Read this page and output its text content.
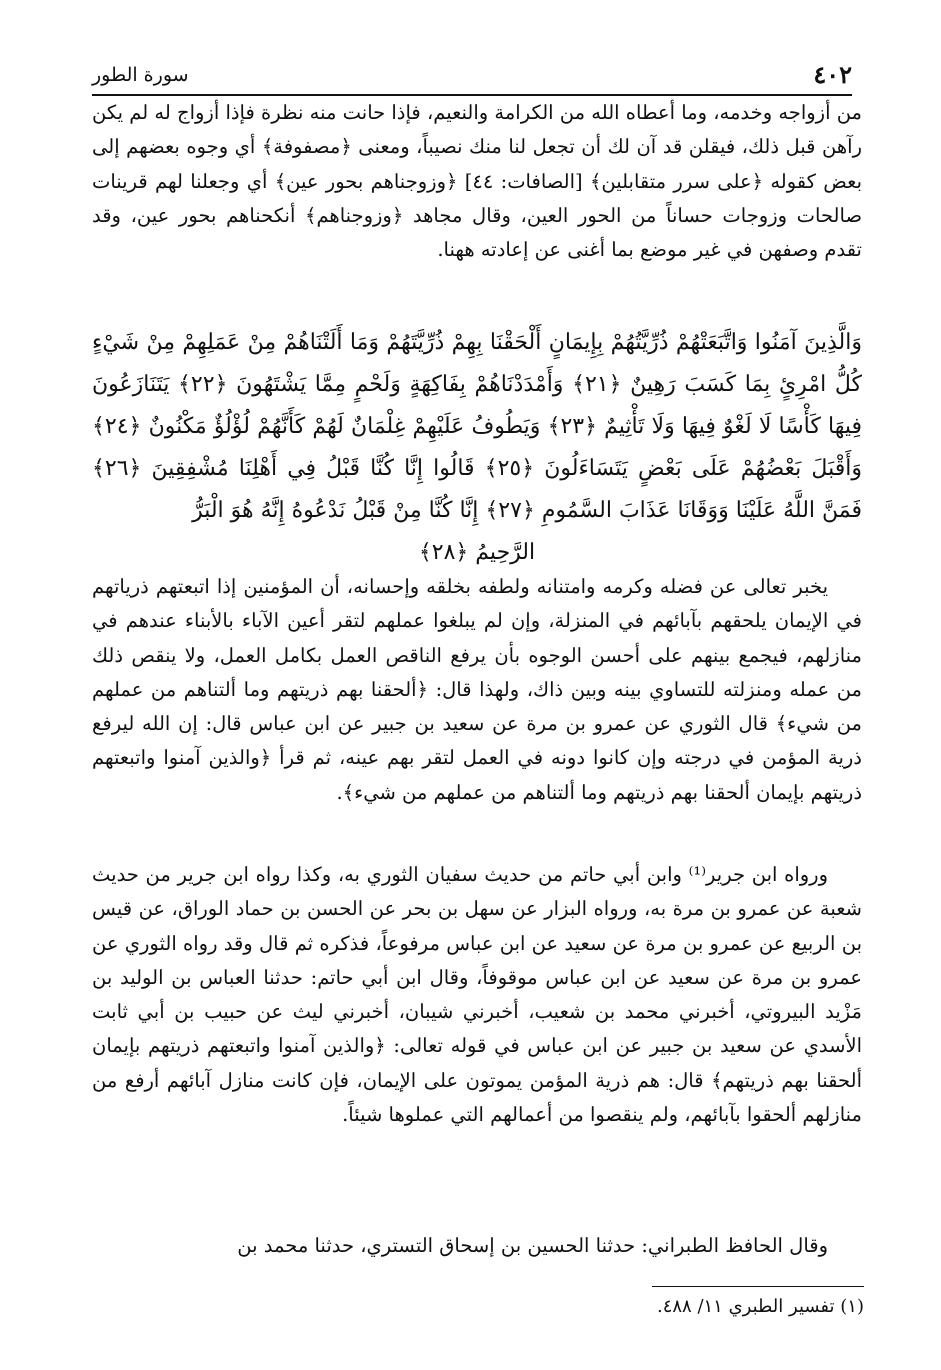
سورة الطور	٤٠٢

من أزواجه وخدمه، وما أعطاه الله من الكرامة والنعيم، فإذا حانت منه نظرة فإذا أزواج له لم يكن رآهن قبل ذلك، فيقلن قد آن لك أن تجعل لنا منك نصيباً، ومعنى ﴿مصفوفة﴾ أي وجوه بعضهم إلى بعض كقوله ﴿على سرر متقابلين﴾ [الصافات: ٤٤] ﴿وزوجناهم بحور عين﴾ أي وجعلنا لهم قرينات صالحات وزوجات حساناً من الحور العين، وقال مجاهد ﴿وزوجناهم﴾ أنكحناهم بحور عين، وقد تقدم وصفهن في غير موضع بما أغنى عن إعادته ههنا.

وَالَّذِينَ آمَنُوا وَاتَّبَعَتْهُمْ ذُرِّيَّتُهُمْ بِإِيمَانٍ أَلْحَقْنَا بِهِمْ ذُرِّيَّتَهُمْ وَمَا أَلَتْنَاهُمْ مِنْ عَمَلِهِمْ مِنْ شَيْءٍ كُلُّ امْرِئٍ بِمَا كَسَبَ رَهِينٌ ﴿٢١﴾ وَأَمْدَدْنَاهُمْ بِفَاكِهَةٍ وَلَحْمٍ مِمَّا يَشْتَهُونَ ﴿٢٢﴾ يَتَنَازَعُونَ فِيهَا كَأْسًا لَا لَغْوٌ فِيهَا وَلَا تَأْثِيمٌ ﴿٢٣﴾ وَيَطُوفُ عَلَيْهِمْ غِلْمَانٌ لَهُمْ كَأَنَّهُمْ لُؤْلُؤٌ مَكْنُونٌ ﴿٢٤﴾ وَأَقْبَلَ بَعْضُهُمْ عَلَى بَعْضٍ يَتَسَاءَلُونَ ﴿٢٥﴾ قَالُوا إِنَّا كُنَّا قَبْلُ فِي أَهْلِنَا مُشْفِقِينَ ﴿٢٦﴾ فَمَنَّ اللَّهُ عَلَيْنَا وَوَقَانَا عَذَابَ السَّمُومِ ﴿٢٧﴾ إِنَّا كُنَّا مِنْ قَبْلُ نَدْعُوهُ إِنَّهُ هُوَ الْبَرُّ
الرَّحِيمُ ﴿٢٨﴾

يخبر تعالى عن فضله وكرمه وامتنانه ولطفه بخلقه وإحسانه، أن المؤمنين إذا اتبعتهم ذرياتهم في الإيمان يلحقهم بآبائهم في المنزلة، وإن لم يبلغوا عملهم لتقر أعين الآباء بالأبناء عندهم في منازلهم، فيجمع بينهم على أحسن الوجوه بأن يرفع الناقص العمل بكامل العمل، ولا ينقص ذلك من عمله ومنزلته للتساوي بينه وبين ذاك، ولهذا قال: ﴿ألحقنا بهم ذريتهم وما ألتناهم من عملهم من شيء﴾ قال الثوري عن عمرو بن مرة عن سعيد بن جبير عن ابن عباس قال: إن الله ليرفع ذرية المؤمن في درجته وإن كانوا دونه في العمل لتقر بهم عينه، ثم قرأ ﴿والذين آمنوا واتبعتهم ذريتهم بإيمان ألحقنا بهم ذريتهم وما ألتناهم من عملهم من شيء﴾.

ورواه ابن جرير⁽¹⁾ وابن أبي حاتم من حديث سفيان الثوري به، وكذا رواه ابن جرير من حديث شعبة عن عمرو بن مرة به، ورواه البزار عن سهل بن بحر عن الحسن بن حماد الوراق، عن قيس بن الربيع عن عمرو بن مرة عن سعيد عن ابن عباس مرفوعاً، فذكره ثم قال وقد رواه الثوري عن عمرو بن مرة عن سعيد عن ابن عباس موقوفاً، وقال ابن أبي حاتم: حدثنا العباس بن الوليد بن مَزْيد البيروتي، أخبرني محمد بن شعيب، أخبرني شيبان، أخبرني ليث عن حبيب بن أبي ثابت الأسدي عن سعيد بن جبير عن ابن عباس في قوله تعالى: ﴿والذين آمنوا واتبعتهم ذريتهم بإيمان ألحقنا بهم ذريتهم﴾ قال: هم ذرية المؤمن يموتون على الإيمان، فإن كانت منازل آبائهم أرفع من منازلهم ألحقوا بآبائهم، ولم ينقصوا من أعمالهم التي عملوها شيئاً.

وقال الحافظ الطبراني: حدثنا الحسين بن إسحاق التستري، حدثنا محمد بن

(١) تفسير الطبري ١١/ ٤٨٨.
